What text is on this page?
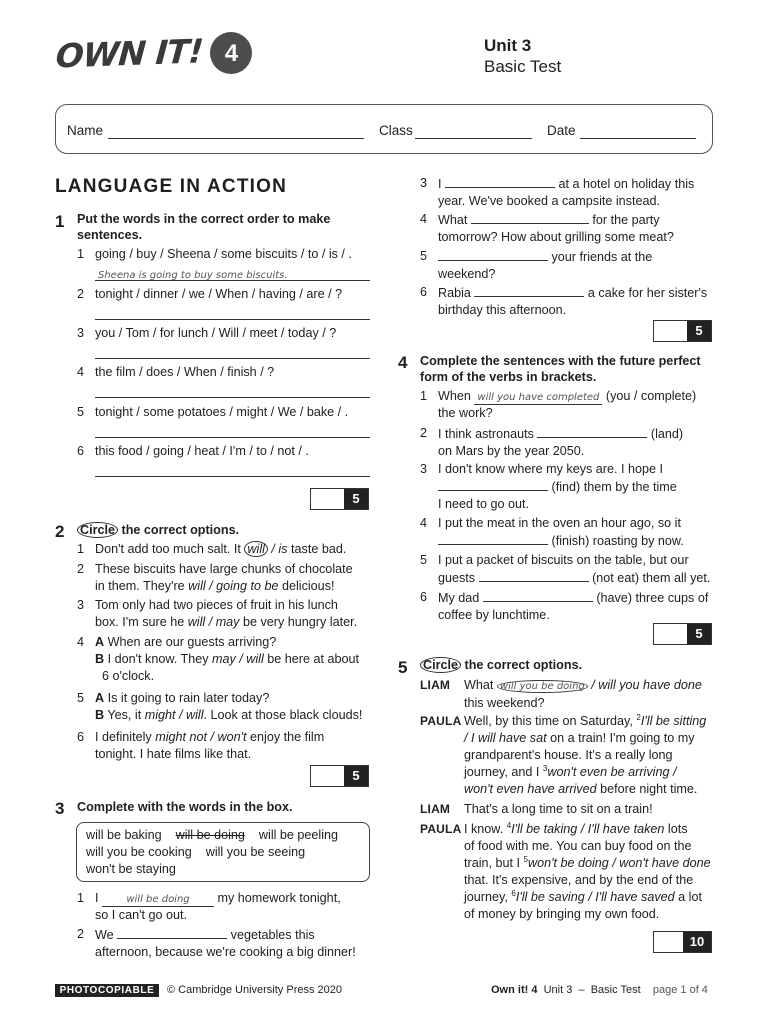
OWN IT! 4	Unit 3
Basic Test
Name	Class	Date
LANGUAGE IN ACTION
1 Put the words in the correct order to make sentences.
1 going / buy / Sheena / some biscuits / to / is / .
Sheena is going to buy some biscuits.
2 tonight / dinner / we / When / having / are / ?
3 you / Tom / for lunch / Will / meet / today / ?
4 the film / does / When / finish / ?
5 tonight / some potatoes / might / We / bake / .
6 this food / going / heat / I'm / to / not / .
5
2 Circle the correct options.
1 Don't add too much salt. It will / is taste bad.
2 These biscuits have large chunks of chocolate
in them. They're will / going to be delicious!
3 Tom only had two pieces of fruit in his lunch
box. I'm sure he will / may be very hungry later.
4 A When are our guests arriving?
B I don't know. They may / will be here at about
6 o'clock.
5 A Is it going to rain later today?
B Yes, it might / will. Look at those black clouds!
6 I definitely might not / won't enjoy the film
tonight. I hate films like that.
5
3 Complete with the words in the box.
will be baking will be doing will be peeling
will you be cooking will you be seeing
won't be staying
1 I	will be doing	my homework tonight,
so I can't go out.
2 We	vegetables this
afternoon, because we're cooking a big dinner!
3 I	at a hotel on holiday this
year. We've booked a campsite instead.
4 What	for the party
tomorrow? How about grilling some meat?
5	your friends at the
weekend?
6 Rabia	a cake for her sister's
birthday this afternoon.
5
4 Complete the sentences with the future perfect form of the verbs in brackets.
1 When will you have completed (you / complete)
the work?
2 I think astronauts	(land)
on Mars by the year 2050.
3 I don't know where my keys are. I hope I
(find) them by the time
I need to go out.
4 I put the meat in the oven an hour ago, so it
(finish) roasting by now.
5 I put a packet of biscuits on the table, but our
guests	(not eat) them all yet.
6 My dad	(have) three cups of
coffee by lunchtime.
5
5 Circle the correct options.
LIAM What will you be doing / will you have done
this weekend?
PAULA Well, by this time on Saturday, $^2$I'll be sitting
/ I will have sat on a train! I'm going to my
grandparent's house. It's a really long
journey, and I $^3$won't even be arriving /
won't even have arrived before night time.
LIAM That's a long time to sit on a train!
PAULA I know. $^4$I'll be taking / I'll have taken lots
of food with me. You can buy food on the
train, but I $^5$won't be doing / won't have done
that. It's expensive, and by the end of the
journey, $^6$I'll be saving / I'll have saved a lot
of money by bringing my own food.
10
PHOTOCOPIABLE	© Cambridge University Press 2020	Own it! 4 Unit 3 – Basic Test page 1 of 4
